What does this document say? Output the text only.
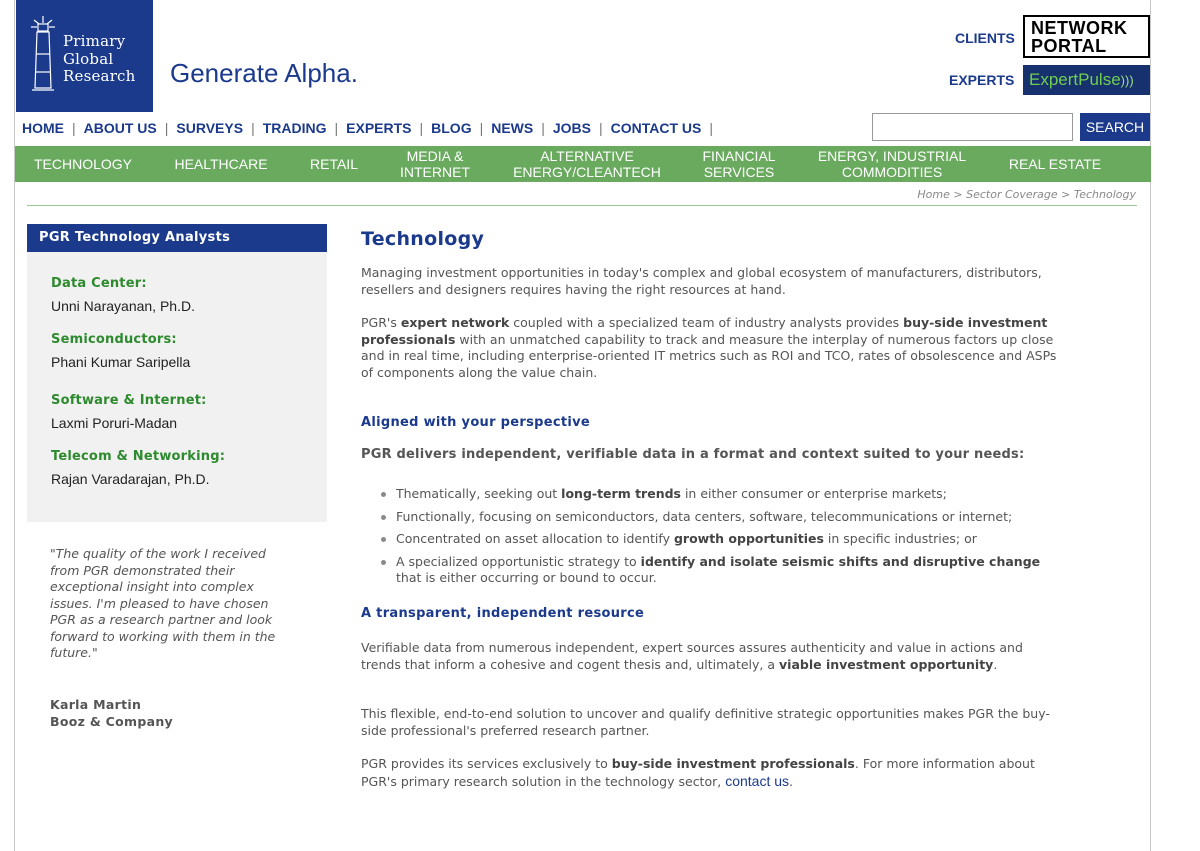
Primary
Global
Research Generate Alpha.
CLIENTS
EXPERTS
NETWORK
PORTAL
ExpertPulse)))
HOME | ABOUT US | SURVEYS | TRADING | EXPERTS | BLOG | NEWS | JOBS | CONTACT US |	SEARCH
TECHNOLOGY	HEALTHCARE	RETAIL	MEDIA &
INTERNET
ALTERNATIVE
ENERGY/CLEANTECH
FINANCIAL
SERVICES
ENERGY, INDUSTRIAL
COMMODITIES	REAL ESTATE
Home > Sector Coverage > Technology
PGR Technology Analysts
Data Center:
Unni Narayanan, Ph.D.
Semiconductors:
Phani Kumar Saripella
Software & Internet:
Laxmi Poruri-Madan
Telecom & Networking:
Rajan Varadarajan, Ph.D.
"The quality of the work I received from PGR demonstrated their exceptional insight into complex issues. I'm pleased to have chosen PGR as a research partner and look forward to working with them in the future."
Karla Martin
Booz & Company
Technology

Managing investment opportunities in today's complex and global ecosystem of manufacturers, distributors, resellers and designers requires having the right resources at hand.

PGR's expert network coupled with a specialized team of industry analysts provides buy-side investment professionals with an unmatched capability to track and measure the interplay of numerous factors up close and in real time, including enterprise-oriented IT metrics such as ROI and TCO, rates of obsolescence and ASPs of components along the value chain.

Aligned with your perspective
PGR delivers independent, verifiable data in a format and context suited to your needs:
Thematically, seeking out long-term trends in either consumer or enterprise markets;
Functionally, focusing on semiconductors, data centers, software, telecommunications or internet;
Concentrated on asset allocation to identify growth opportunities in specific industries; or
A specialized opportunistic strategy to identify and isolate seismic shifts and disruptive change that is either occurring or bound to occur.
A transparent, independent resource

Verifiable data from numerous independent, expert sources assures authenticity and value in actions and trends that inform a cohesive and cogent thesis and, ultimately, a viable investment opportunity.

This flexible, end-to-end solution to uncover and qualify definitive strategic opportunities makes PGR the buy-side professional's preferred research partner.

PGR provides its services exclusively to buy-side investment professionals. For more information about PGR's primary research solution in the technology sector, contact us.
